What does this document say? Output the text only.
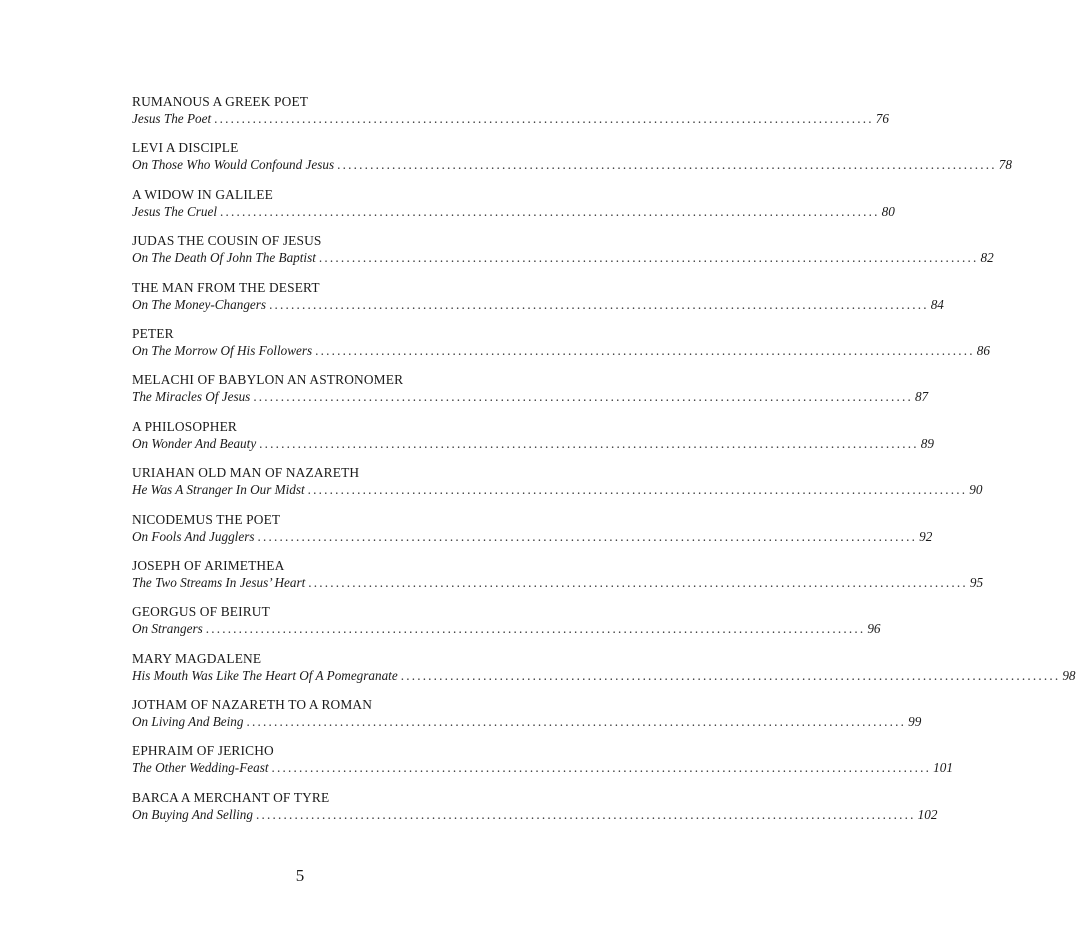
RUMANOUS A GREEK POET
Jesus The Poet ........................................................................................................................ 76
LEVI A DISCIPLE
On Those Who Would Confound Jesus ........................................................................................................................ 78
A WIDOW IN GALILEE
Jesus The Cruel ........................................................................................................................ 80
JUDAS THE COUSIN OF JESUS
On The Death Of John The Baptist ........................................................................................................................ 82
THE MAN FROM THE DESERT
On The Money-Changers ........................................................................................................................ 84
PETER
On The Morrow Of His Followers ........................................................................................................................ 86
MELACHI OF BABYLON AN ASTRONOMER
The Miracles Of Jesus ........................................................................................................................ 87
A PHILOSOPHER
On Wonder And Beauty ........................................................................................................................ 89
URIAHAN OLD MAN OF NAZARETH
He Was A Stranger In Our Midst ........................................................................................................................ 90
NICODEMUS THE POET
On Fools And Jugglers ........................................................................................................................ 92
JOSEPH OF ARIMETHEA
The Two Streams In Jesus’ Heart ........................................................................................................................ 95
GEORGUS OF BEIRUT
On Strangers ........................................................................................................................ 96
MARY MAGDALENE
His Mouth Was Like The Heart Of A Pomegranate ........................................................................................................................ 98
JOTHAM OF NAZARETH TO A ROMAN
On Living And Being ........................................................................................................................ 99
EPHRAIM OF JERICHO
The Other Wedding-Feast ........................................................................................................................ 101
BARCA A MERCHANT OF TYRE
On Buying And Selling ........................................................................................................................ 102
5
